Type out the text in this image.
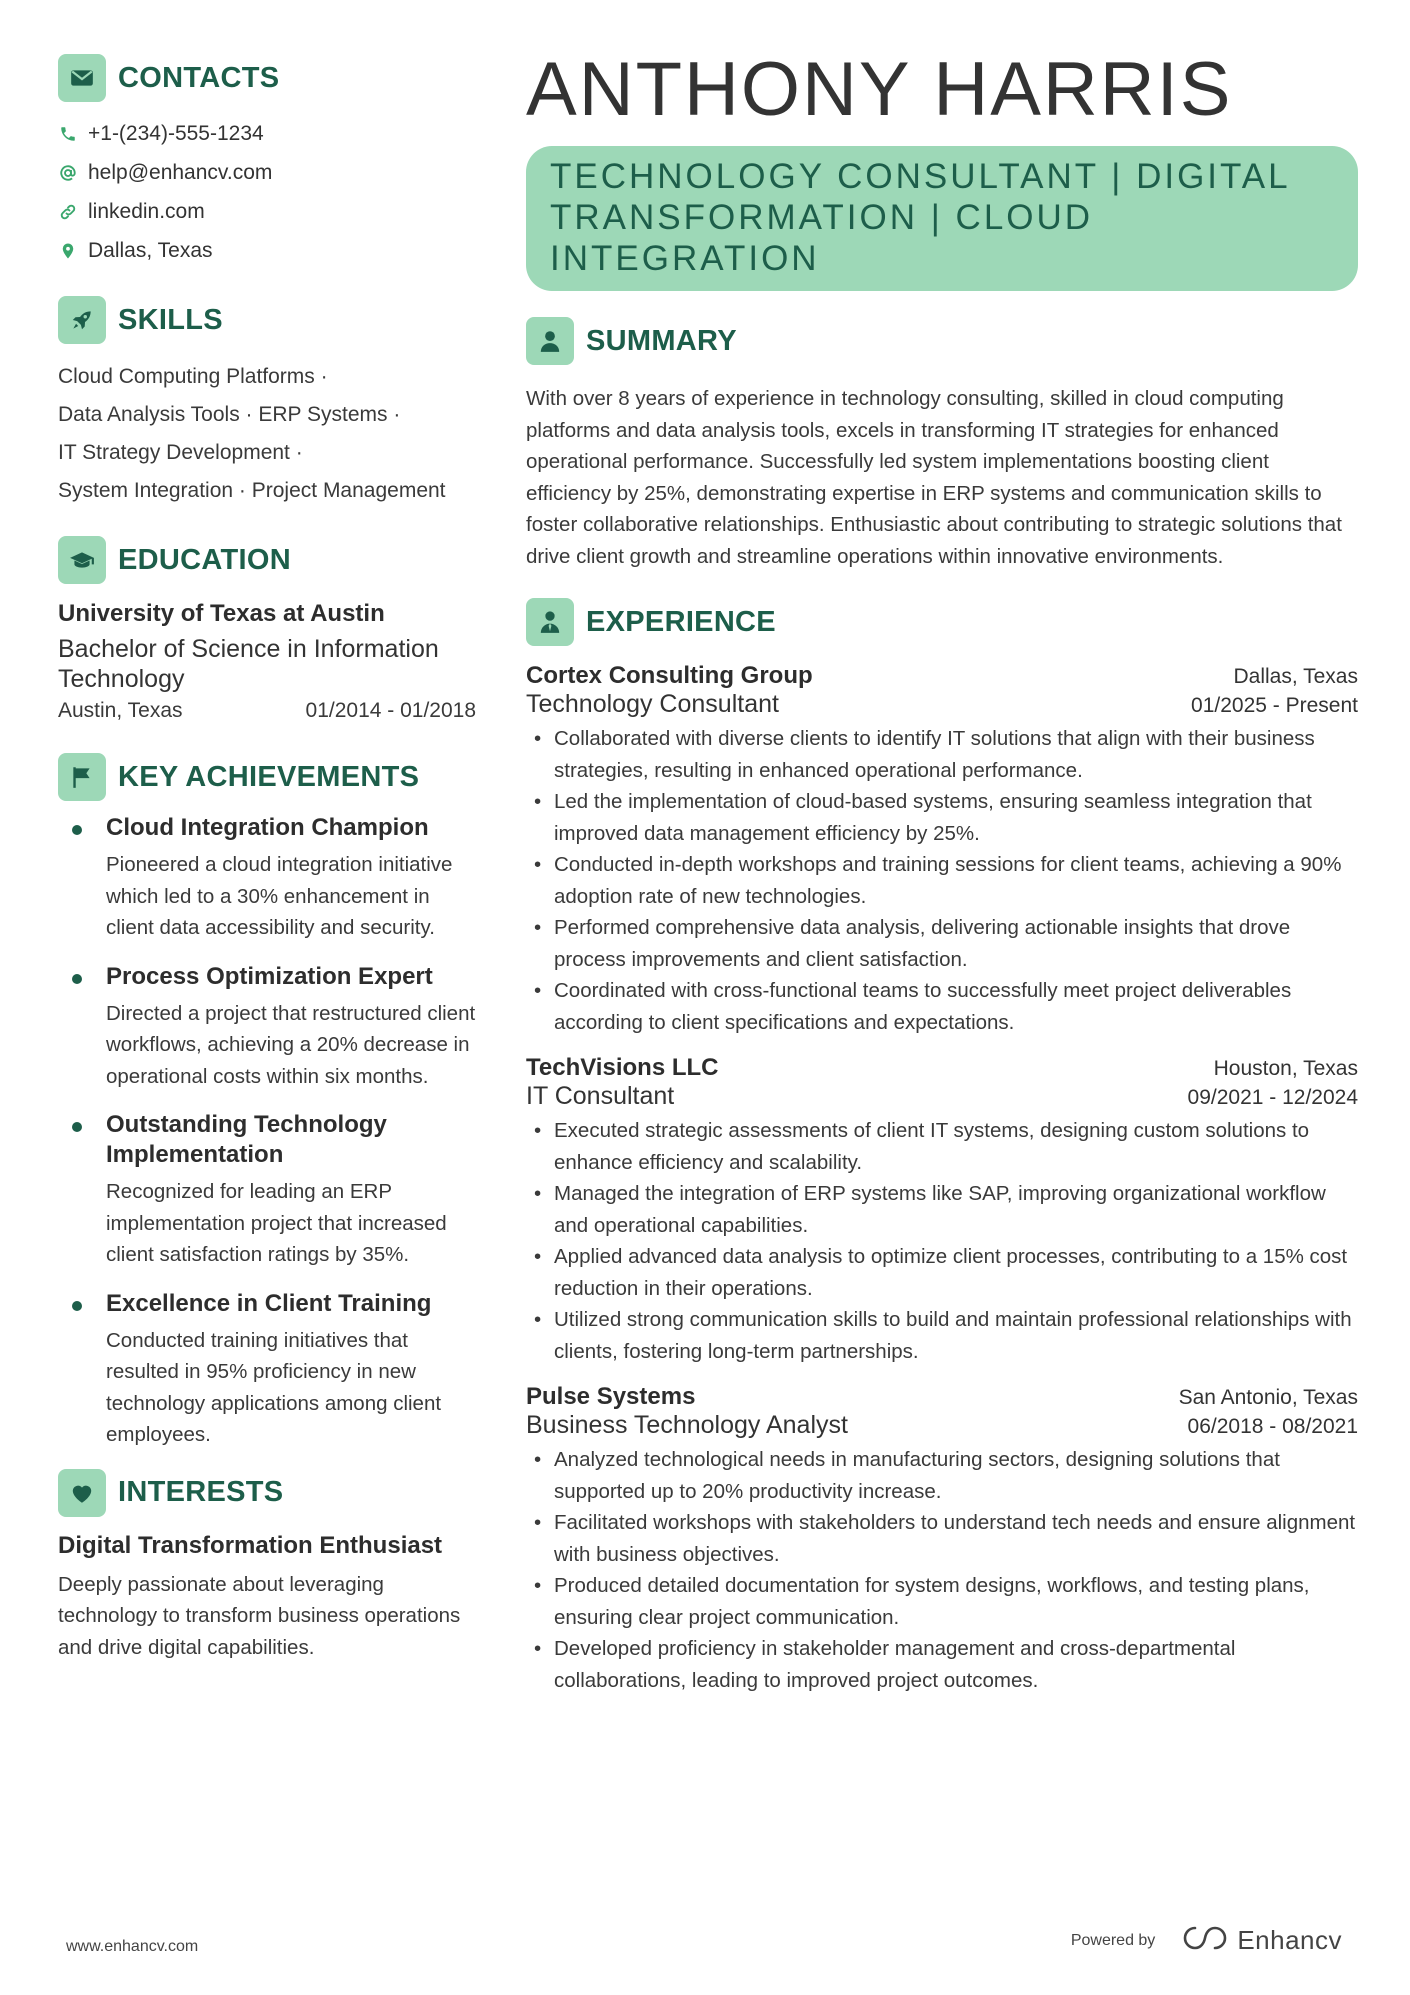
CONTACTS
+1-(234)-555-1234
help@enhancv.com
linkedin.com
Dallas, Texas
SKILLS
Cloud Computing Platforms ·
Data Analysis Tools · ERP Systems ·
IT Strategy Development ·
System Integration · Project Management
EDUCATION
University of Texas at Austin
Bachelor of Science in Information Technology
Austin, Texas	01/2014 - 01/2018
KEY ACHIEVEMENTS
Cloud Integration Champion
Pioneered a cloud integration initiative which led to a 30% enhancement in client data accessibility and security.
Process Optimization Expert
Directed a project that restructured client workflows, achieving a 20% decrease in operational costs within six months.
Outstanding Technology Implementation
Recognized for leading an ERP implementation project that increased client satisfaction ratings by 35%.
Excellence in Client Training
Conducted training initiatives that resulted in 95% proficiency in new technology applications among client employees.
INTERESTS
Digital Transformation Enthusiast
Deeply passionate about leveraging technology to transform business operations and drive digital capabilities.
ANTHONY HARRIS
TECHNOLOGY CONSULTANT | DIGITAL TRANSFORMATION | CLOUD INTEGRATION
SUMMARY
With over 8 years of experience in technology consulting, skilled in cloud computing platforms and data analysis tools, excels in transforming IT strategies for enhanced operational performance. Successfully led system implementations boosting client efficiency by 25%, demonstrating expertise in ERP systems and communication skills to foster collaborative relationships. Enthusiastic about contributing to strategic solutions that drive client growth and streamline operations within innovative environments.
EXPERIENCE
Cortex Consulting Group	Dallas, Texas
Technology Consultant	01/2025 - Present
• Collaborated with diverse clients to identify IT solutions that align with their business strategies, resulting in enhanced operational performance.
• Led the implementation of cloud-based systems, ensuring seamless integration that improved data management efficiency by 25%.
• Conducted in-depth workshops and training sessions for client teams, achieving a 90% adoption rate of new technologies.
• Performed comprehensive data analysis, delivering actionable insights that drove process improvements and client satisfaction.
• Coordinated with cross-functional teams to successfully meet project deliverables according to client specifications and expectations.
TechVisions LLC	Houston, Texas
IT Consultant	09/2021 - 12/2024
• Executed strategic assessments of client IT systems, designing custom solutions to enhance efficiency and scalability.
• Managed the integration of ERP systems like SAP, improving organizational workflow and operational capabilities.
• Applied advanced data analysis to optimize client processes, contributing to a 15% cost reduction in their operations.
• Utilized strong communication skills to build and maintain professional relationships with clients, fostering long-term partnerships.
Pulse Systems	San Antonio, Texas
Business Technology Analyst	06/2018 - 08/2021
• Analyzed technological needs in manufacturing sectors, designing solutions that supported up to 20% productivity increase.
• Facilitated workshops with stakeholders to understand tech needs and ensure alignment with business objectives.
• Produced detailed documentation for system designs, workflows, and testing plans, ensuring clear project communication.
• Developed proficiency in stakeholder management and cross-departmental collaborations, leading to improved project outcomes.
www.enhancv.com	Powered by	Enhancv
